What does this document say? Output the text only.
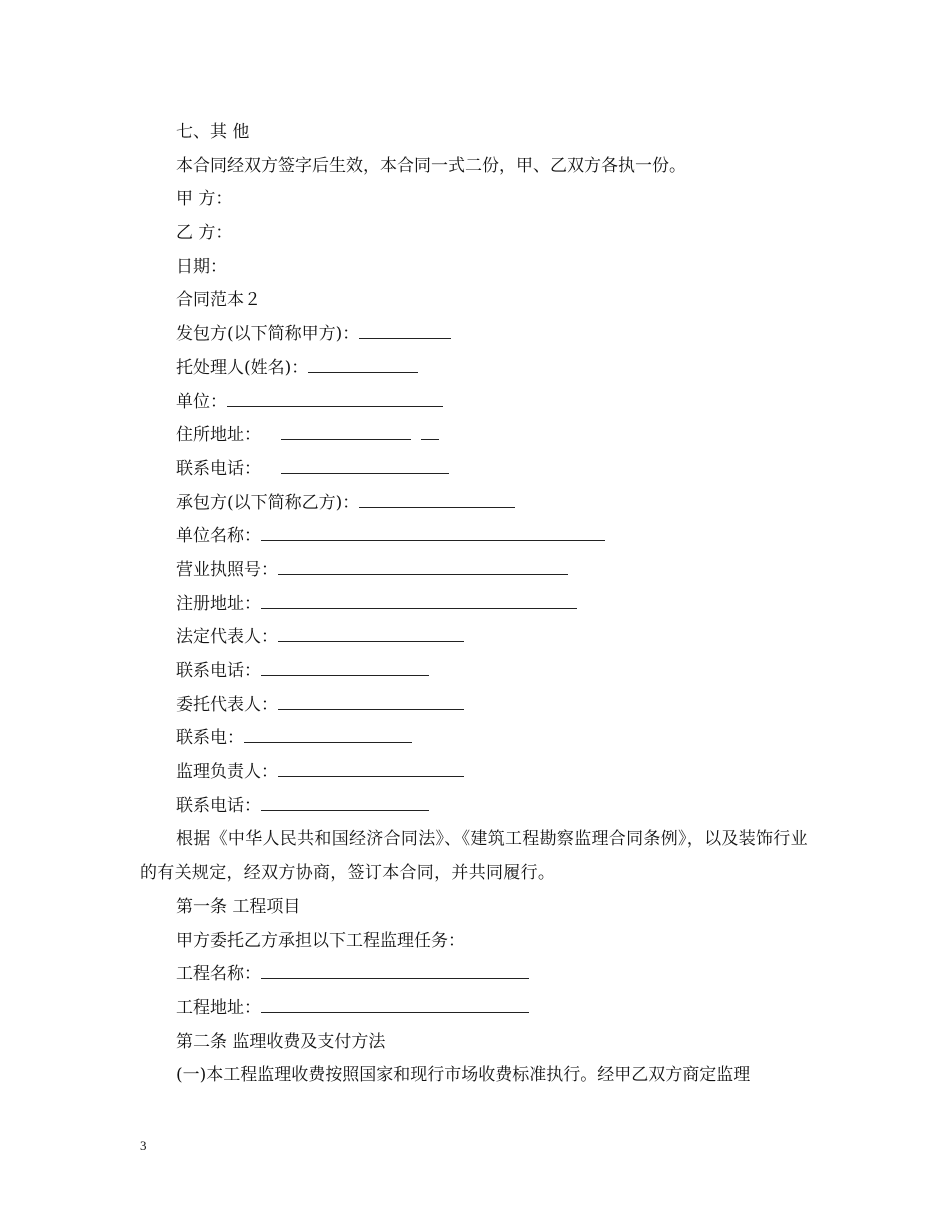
七、其 他
本合同经双方签字后生效，本合同一式二份，甲、乙双方各执一份。
甲 方：
乙 方：
日期：
合同范本２
发包方(以下简称甲方)：
托处理人(姓名)：
单位：
住所地址：
联系电话：
承包方(以下简称乙方)：
单位名称：
营业执照号：
注册地址：
法定代表人：
联系电话：
委托代表人：
联系电：
监理负责人：
联系电话：
根据《中华人民共和国经济合同法》、《建筑工程勘察监理合同条例》，以及装饰行业的有关规定，经双方协商，签订本合同，并共同履行。
第一条 工程项目
甲方委托乙方承担以下工程监理任务：
工程名称：
工程地址：
第二条 监理收费及支付方法
(一)本工程监理收费按照国家和现行市场收费标准执行。经甲乙双方商定监理
3
